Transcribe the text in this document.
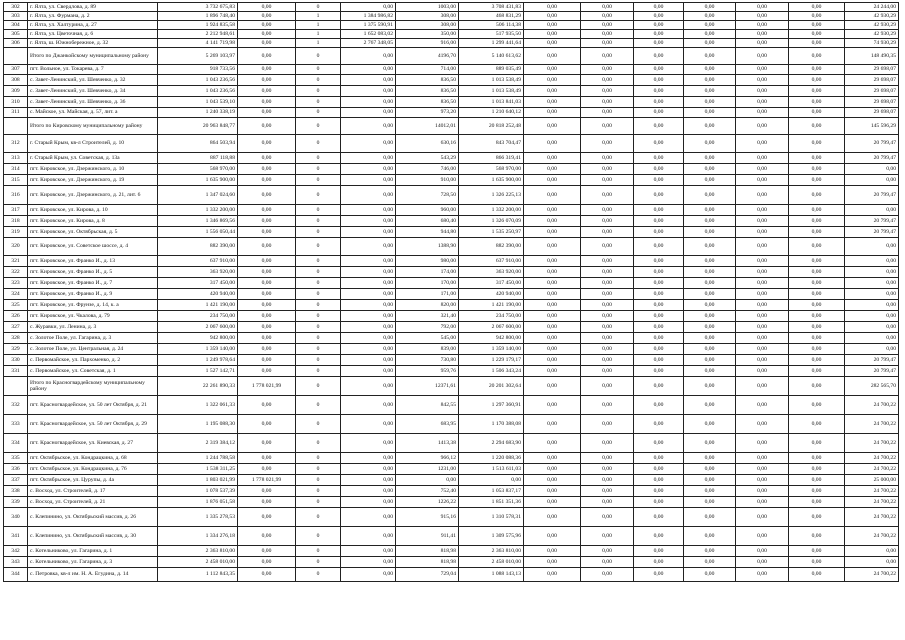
302	г. Ялта, ул. Свердлова, д. 89	3 732 675,83	0,00	0	0,00	1003,00	3 708 431,83	0,00	0,00	0,00	0,00	0,00	0,00	24 244,00
303	г. Ялта, ул. Фурмана, д. 2	1 896 748,40	0,00	1	1 384 986,82	308,00	468 831,29	0,00	0,00	0,00	0,00	0,00	0,00	42 930,29
304	г. Ялта, ул. Халтурина, д. 27	1 924 835,58	0,00	1	1 375 590,91	308,00	506 114,38	0,00	0,00	0,00	0,00	0,00	0,00	42 930,29
305	г. Ялта, ул. Цветочная, д. 6	2 212 948,61	0,00	1	1 652 083,02	350,00	517 935,50	0,00	0,00	0,00	0,00	0,00	0,00	42 930,29
306	г. Ялта, ш. Южнобережное, д. 32	4 141 719,98	0,00	1	2 767 348,05	916,00	1 299 441,64	0,00	0,00	0,00	0,00	0,00	0,00	74 930,29
	Итого по Джанкойскому муниципальному району	5 269 103,97	0,00	0	0,00	4196,70	5 140 613,62	0,00	0,00	0,00	0,00	0,00	0,00	148 490,35
307	пгт. Вольное, ул. Токарева, д. 7	918 733,56	0,00	0	0,00	714,00	889 035,49	0,00	0,00	0,00	0,00	0,00	0,00	29 698,07
308	с. Завет-Ленинский, ул. Шевченко, д. 32	1 043 236,56	0,00	0	0,00	836,50	1 013 538,49	0,00	0,00	0,00	0,00	0,00	0,00	29 698,07
309	с. Завет-Ленинский, ул. Шевченко, д. 34	1 043 236,56	0,00	0	0,00	836,50	1 013 538,49	0,00	0,00	0,00	0,00	0,00	0,00	29 698,07
310	с. Завет-Ленинский, ул. Шевченко, д. 36	1 043 539,10	0,00	0	0,00	836,50	1 013 841,03	0,00	0,00	0,00	0,00	0,00	0,00	29 698,07
311	с. Майское, ул. Майская, д. 57, лит. а	1 240 338,19	0,00	0	0,00	973,20	1 210 640,12	0,00	0,00	0,00	0,00	0,00	0,00	29 698,07
	Итого по Кировскому муниципальному району	20 963 848,77	0,00	0	0,00	14012,01	20 818 252,48	0,00	0,00	0,00	0,00	0,00	0,00	145 596,29
312	г. Старый Крым, кв-л Строителей, д. 10	864 503,94	0,00	0	0,00	630,16	843 704,47	0,00	0,00	0,00	0,00	0,00	0,00	20 799,47
313	г. Старый Крым, ул. Советская, д. 13а	887 118,88	0,00	0	0,00	543,29	866 319,41	0,00	0,00	0,00	0,00	0,00	0,00	20 799,47
314	пгт. Кировское, ул. Дзержинского, д. 10	568 970,00	0,00	0	0,00	746,00	568 970,00	0,00	0,00	0,00	0,00	0,00	0,00	0,00
315	пгт. Кировское, ул. Дзержинского, д. 19	1 635 900,00	0,00	0	0,00	910,00	1 635 900,00	0,00	0,00	0,00	0,00	0,00	0,00	0,00
316	пгт. Кировское, ул. Дзержинского, д. 21, лит. 6	1 347 024,60	0,00	0	0,00	728,50	1 326 225,13	0,00	0,00	0,00	0,00	0,00	0,00	20 799,47
317	пгт. Кировское, ул. Кирова, д. 10	1 332 200,00	0,00	0	0,00	960,00	1 332 200,00	0,00	0,00	0,00	0,00	0,00	0,00	0,00
318	пгт. Кировское, ул. Кирова, д. 8	1 346 869,56	0,00	0	0,00	680,40	1 326 070,09	0,00	0,00	0,00	0,00	0,00	0,00	20 799,47
319	пгт. Кировское, ул. Октябрьская, д. 5	1 556 050,44	0,00	0	0,00	944,80	1 535 250,97	0,00	0,00	0,00	0,00	0,00	0,00	20 799,47
320	пгт. Кировское, ул. Советское шоссе, д. 4	882 390,00	0,00	0	0,00	1388,90	882 390,00	0,00	0,00	0,00	0,00	0,00	0,00	0,00
321	пгт. Кировское, ул. Франко И., д. 13	637 910,00	0,00	0	0,00	980,00	637 910,00	0,00	0,00	0,00	0,00	0,00	0,00	0,00
322	пгт. Кировское, ул. Франко И., д. 5	363 920,00	0,00	0	0,00	174,00	363 920,00	0,00	0,00	0,00	0,00	0,00	0,00	0,00
323	пгт. Кировское, ул. Франко И., д. 7	317 450,00	0,00	0	0,00	170,00	317 450,00	0,00	0,00	0,00	0,00	0,00	0,00	0,00
324	пгт. Кировское, ул. Франко И., д. 9	420 940,00	0,00	0	0,00	171,00	420 940,00	0,00	0,00	0,00	0,00	0,00	0,00	0,00
325	пгт. Кировское, ул. Фрунзе, д. 14, к. а	1 421 190,00	0,00	0	0,00	820,00	1 421 190,00	0,00	0,00	0,00	0,00	0,00	0,00	0,00
326	пгт. Кировское, ул. Чкалова, д. 79	234 750,00	0,00	0	0,00	321,40	234 750,00	0,00	0,00	0,00	0,00	0,00	0,00	0,00
327	с. Журавки, ул. Ленина, д. 3	2 067 600,00	0,00	0	0,00	792,00	2 067 600,00	0,00	0,00	0,00	0,00	0,00	0,00	0,00
328	с. Золотое Поле, ул. Гагарина, д. 3	942 800,00	0,00	0	0,00	545,00	942 800,00	0,00	0,00	0,00	0,00	0,00	0,00	0,00
329	с. Золотое Поле, ул. Центральная, д. 24	1 359 140,00	0,00	0	0,00	839,00	1 359 140,00	0,00	0,00	0,00	0,00	0,00	0,00	0,00
330	с. Первомайское, ул. Пархоменко, д. 2	1 249 978,64	0,00	0	0,00	730,80	1 229 179,17	0,00	0,00	0,00	0,00	0,00	0,00	20 799,47
331	с. Первомайское, ул. Советская, д. 1	1 527 142,71	0,00	0	0,00	959,76	1 506 343,24	0,00	0,00	0,00	0,00	0,00	0,00	20 799,47
	Итого по Красногвардейскому муниципальному району	22 261 890,33	1 778 021,99	0	0,00	12371,61	20 201 302,64	0,00	0,00	0,00	0,00	0,00	0,00	282 565,70
332	пгт. Красногвардейское, ул. 50 лет Октября, д. 21	1 322 061,33	0,00	0	0,00	842,55	1 297 360,91	0,00	0,00	0,00	0,00	0,00	0,00	24 700,22
333	пгт. Красногвардейское, ул. 50 лет Октября, д. 29	1 195 088,30	0,00	0	0,00	683,95	1 170 388,08	0,00	0,00	0,00	0,00	0,00	0,00	24 700,22
334	пгт. Красногвардейское, ул. Киевская, д. 27	2 319 384,12	0,00	0	0,00	1413,38	2 294 683,90	0,00	0,00	0,00	0,00	0,00	0,00	24 700,22
335	пгт. Октябрьское, ул. Кондрацкина, д. 68	1 244 788,58	0,00	0	0,00	966,12	1 220 088,36	0,00	0,00	0,00	0,00	0,00	0,00	24 700,22
336	пгт. Октябрьское, ул. Кондрацкина, д. 76	1 538 311,25	0,00	0	0,00	1231,00	1 513 611,03	0,00	0,00	0,00	0,00	0,00	0,00	24 700,22
337	пгт. Октябрьское, ул. Цурупы, д. 4а	1 803 021,99	1 778 021,99	0	0,00	0,00	0,00	0,00	0,00	0,00	0,00	0,00	0,00	25 000,00
338	с. Восход, ул. Строителей, д. 17	1 078 537,39	0,00	0	0,00	752,40	1 053 837,17	0,00	0,00	0,00	0,00	0,00	0,00	24 700,22
339	с. Восход, ул. Строителей, д. 21	1 876 051,58	0,00	0	0,00	1226,22	1 851 351,36	0,00	0,00	0,00	0,00	0,00	0,00	24 700,22
340	с. Клепинино, ул. Октябрьский массив, д. 26	1 335 278,53	0,00	0	0,00	915,16	1 310 578,31	0,00	0,00	0,00	0,00	0,00	0,00	24 700,22
341	с. Клепинино, ул. Октябрьский массив, д. 30	1 334 276,18	0,00	0	0,00	911,41	1 309 575,96	0,00	0,00	0,00	0,00	0,00	0,00	24 700,22
342	с. Котельниково, ул. Гагарина, д. 1	2 363 810,00	0,00	0	0,00	818,98	2 363 810,00	0,00	0,00	0,00	0,00	0,00	0,00	0,00
343	с. Котельниково, ул. Гагарина, д. 3	2 458 010,00	0,00	0	0,00	818,98	2 458 010,00	0,00	0,00	0,00	0,00	0,00	0,00	0,00
344	с. Петровка, кв-л им. Н. А. Егудина, д. 14	1 112 843,35	0,00	0	0,00	729,04	1 088 143,13	0,00	0,00	0,00	0,00	0,00	0,00	24 700,22
